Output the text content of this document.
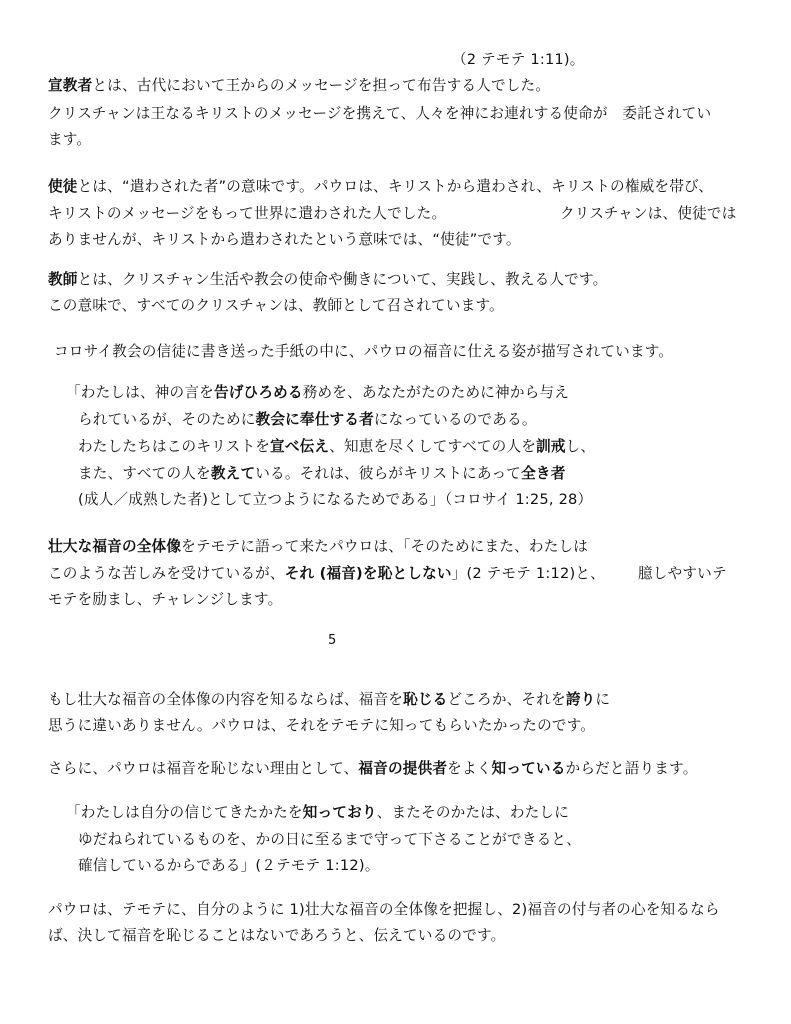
（2 テモテ 1:11)。
宣教者とは、古代において王からのメッセージを担って布告する人でした。
クリスチャンは王なるキリストのメッセージを携えて、人々を神にお連れする使命が　委託されてい
ます。
使徒とは、“遣わされた者”の意味です。パウロは、キリストから遣わされ、キリストの権威を帯び、
キリストのメッセージをもって世界に遣わされた人でした。	クリスチャンは、使徒では
ありませんが、キリストから遣わされたという意味では、“使徒”です。
教師とは、クリスチャン生活や教会の使命や働きについて、実践し、教える人です。
この意味で、すべてのクリスチャンは、教師として召されています。
コロサイ教会の信徒に書き送った手紙の中に、パウロの福音に仕える姿が描写されています。
「わたしは、神の言を告げひろめる務めを、あなたがたのために神から与え
られているが、そのために教会に奉仕する者になっているのである。
わたしたちはこのキリストを宣べ伝え、知恵を尽くしてすべての人を訓戒し、
また、すべての人を教えている。それは、彼らがキリストにあって全き者
(成人／成熟した者)として立つようになるためである」（コロサイ 1:25, 28）
壮大な福音の全体像をテモテに語って来たパウロは、「そのためにまた、わたしは
このような苦しみを受けているが、それ (福音)を恥としない」(2 テモテ 1:12)と、 臆しやすいテ
モテを励まし、チャレンジします。
5
もし壮大な福音の全体像の内容を知るならば、福音を恥じるどころか、それを誇りに
思うに違いありません。パウロは、それをテモテに知ってもらいたかったのです。
さらに、パウロは福音を恥じない理由として、福音の提供者をよく知っているからだと語ります。
「わたしは自分の信じてきたかたを知っており、またそのかたは、わたしに
ゆだねられているものを、かの日に至るまで守って下さることができると、
確信しているからである」(２テモテ 1:12)。
パウロは、テモテに、自分のように 1)壮大な福音の全体像を把握し、2)福音の付与者の心を知るなら
ば、決して福音を恥じることはないであろうと、伝えているのです。
